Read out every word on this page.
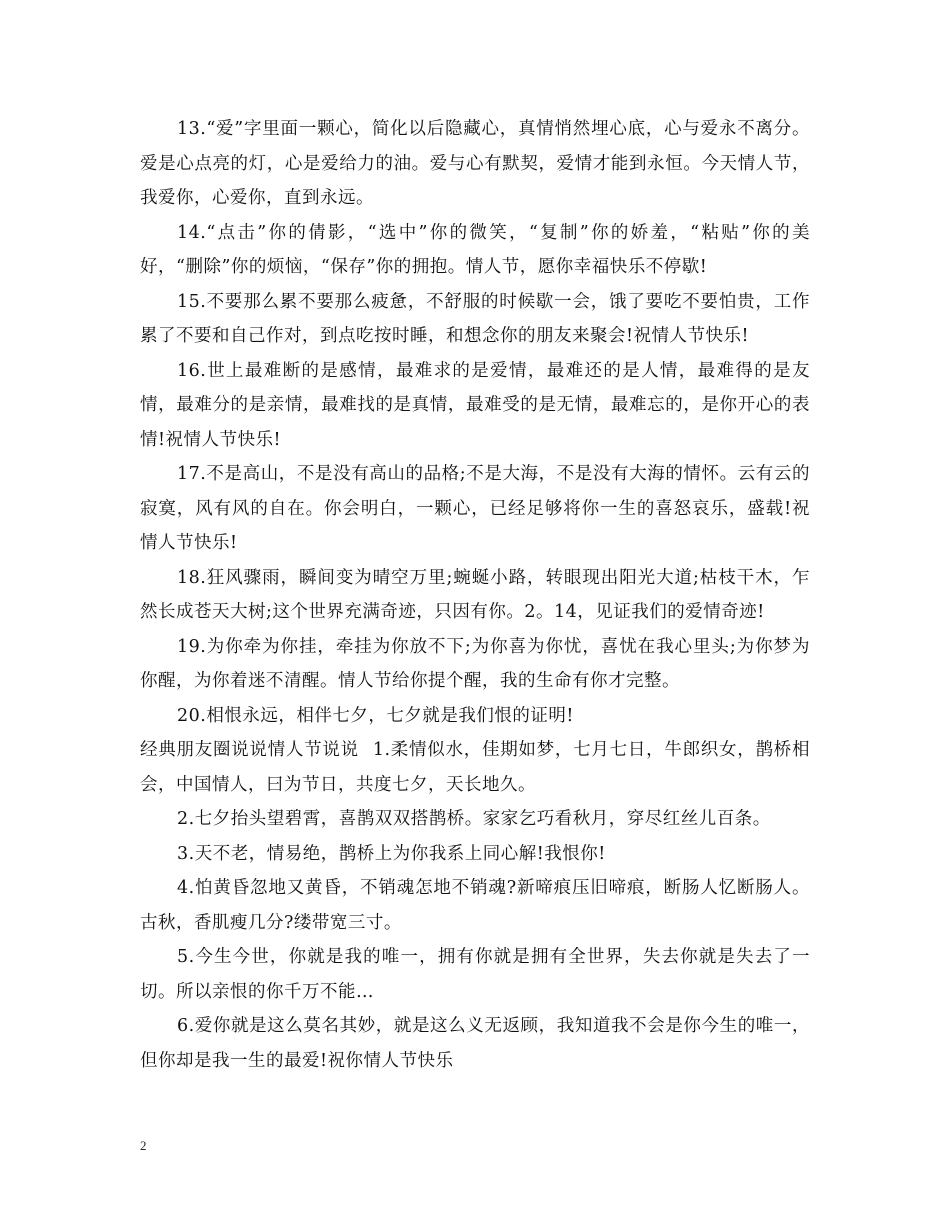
13.“爱”字里面一颗心，简化以后隐藏心，真情悄然埋心底，心与爱永不离分。爱是心点亮的灯，心是爱给力的油。爱与心有默契，爱情才能到永恒。今天情人节，我爱你，心爱你，直到永远。

14.“点击”你的倩影，“选中”你的微笑，“复制”你的娇羞，“粘贴”你的美好，“删除”你的烦恼，“保存”你的拥抱。情人节，愿你幸福快乐不停歇!

15.不要那么累不要那么疲惫，不舒服的时候歇一会，饿了要吃不要怕贵，工作累了不要和自己作对，到点吃按时睡，和想念你的朋友来聚会!祝情人节快乐!

16.世上最难断的是感情，最难求的是爱情，最难还的是人情，最难得的是友情，最难分的是亲情，最难找的是真情，最难受的是无情，最难忘的，是你开心的表情!祝情人节快乐!

17.不是高山，不是没有高山的品格;不是大海，不是没有大海的情怀。云有云的寂寞，风有风的自在。你会明白，一颗心，已经足够将你一生的喜怒哀乐，盛载!祝情人节快乐!

18.狂风骤雨，瞬间变为晴空万里;蜿蜒小路，转眼现出阳光大道;枯枝干木，乍然长成苍天大树;这个世界充满奇迹，只因有你。2。14，见证我们的爱情奇迹!

19.为你牵为你挂，牵挂为你放不下;为你喜为你忧，喜忧在我心里头;为你梦为你醒，为你着迷不清醒。情人节给你提个醒，我的生命有你才完整。

20.相恨永远，相伴七夕，七夕就是我们恨的证明!

经典朋友圈说说情人节说说 1.柔情似水，佳期如梦，七月七日，牛郎织女，鹊桥相会，中国情人，曰为节日，共度七夕，天长地久。

2.七夕抬头望碧霄，喜鹊双双搭鹊桥。家家乞巧看秋月，穿尽红丝儿百条。

3.天不老，情易绝，鹊桥上为你我系上同心解!我恨你!

4.怕黄昏忽地又黄昏，不销魂怎地不销魂?新啼痕压旧啼痕，断肠人忆断肠人。古秋，香肌瘦几分?缕带宽三寸。

5.今生今世，你就是我的唯一，拥有你就是拥有全世界，失去你就是失去了一切。所以亲恨的你千万不能…

6.爱你就是这么莫名其妙，就是这么义无返顾，我知道我不会是你今生的唯一，但你却是我一生的最爱!祝你情人节快乐

2
